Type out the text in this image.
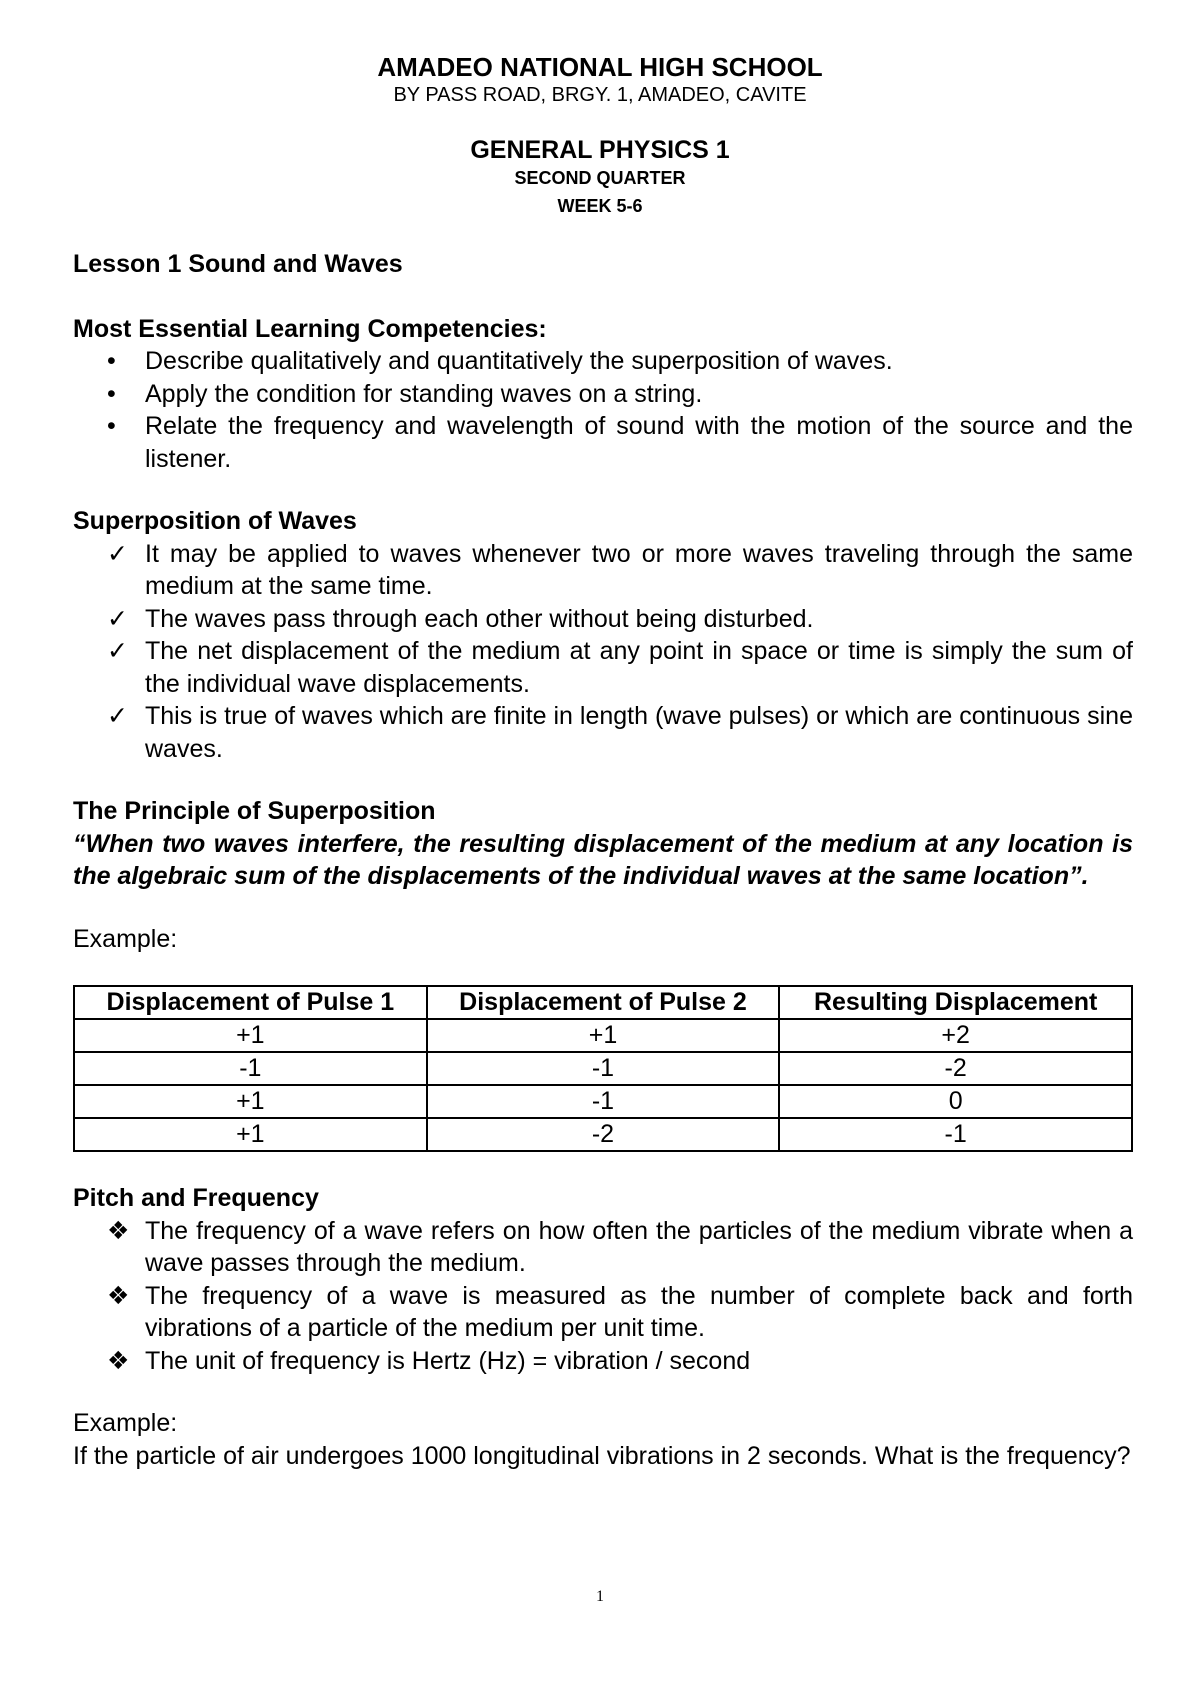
AMADEO NATIONAL HIGH SCHOOL
BY PASS ROAD, BRGY. 1, AMADEO, CAVITE
GENERAL PHYSICS 1
SECOND QUARTER
WEEK 5-6

Lesson 1 Sound and Waves

Most Essential Learning Competencies:

•	Describe qualitatively and quantitatively the superposition of waves.
•	Apply the condition for standing waves on a string.
•	Relate the frequency and wavelength of sound with the motion of the source and the listener.

Superposition of Waves

✓ It may be applied to waves whenever two or more waves traveling through the same medium at the same time.
✓ The waves pass through each other without being disturbed.
✓ The net displacement of the medium at any point in space or time is simply the sum of the individual wave displacements.
✓ This is true of waves which are finite in length (wave pulses) or which are continuous sine waves.

The Principle of Superposition

“When two waves interfere, the resulting displacement of the medium at any location is the algebraic sum of the displacements of the individual waves at the same location”.

Example:

Displacement of Pulse 1	Displacement of Pulse 2	Resulting Displacement
+1	+1	+2
-1	-1	-2
+1	-1	0
+1	-2	-1

Pitch and Frequency

❖ The frequency of a wave refers on how often the particles of the medium vibrate when a wave passes through the medium.
❖ The frequency of a wave is measured as the number of complete back and forth vibrations of a particle of the medium per unit time.
❖ The unit of frequency is Hertz (Hz) = vibration / second

Example:

If the particle of air undergoes 1000 longitudinal vibrations in 2 seconds. What is the frequency?

1
